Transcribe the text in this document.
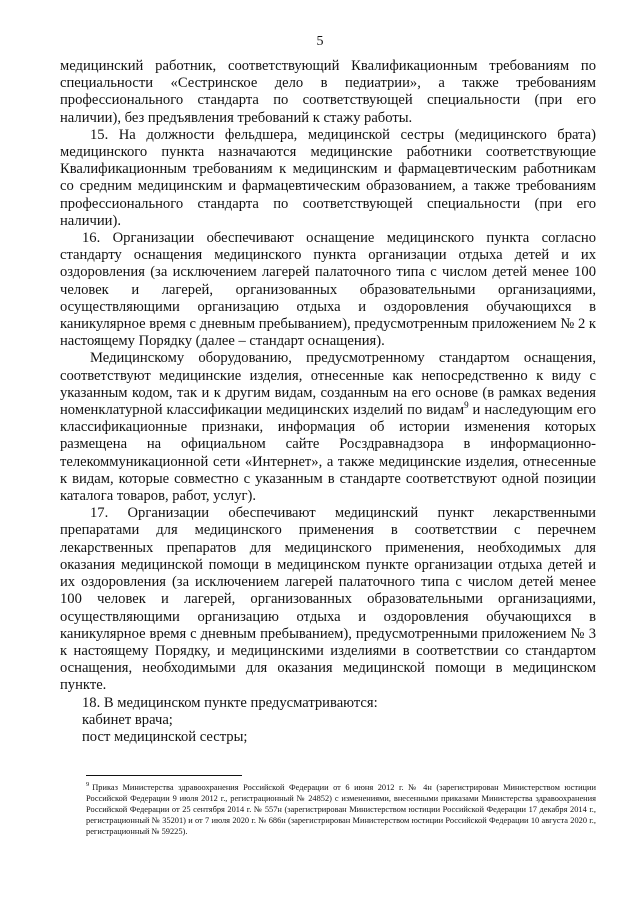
5

медицинский работник, соответствующий Квалификационным требованиям по специальности «Сестринское дело в педиатрии», а также требованиям профессионального стандарта по соответствующей специальности (при его наличии), без предъявления требований к стажу работы.

15. На должности фельдшера, медицинской сестры (медицинского брата) медицинского пункта назначаются медицинские работники соответствующие Квалификационным требованиям к медицинским и фармацевтическим работникам со средним медицинским и фармацевтическим образованием, а также требованиям профессионального стандарта по соответствующей специальности (при его наличии).

16. Организации обеспечивают оснащение медицинского пункта согласно стандарту оснащения медицинского пункта организации отдыха детей и их оздоровления (за исключением лагерей палаточного типа с числом детей менее 100 человек и лагерей, организованных образовательными организациями, осуществляющими организацию отдыха и оздоровления обучающихся в каникулярное время с дневным пребыванием), предусмотренным приложением № 2 к настоящему Порядку (далее – стандарт оснащения).

Медицинскому оборудованию, предусмотренному стандартом оснащения, соответствуют медицинские изделия, отнесенные как непосредственно к виду с указанным кодом, так и к другим видам, созданным на его основе (в рамках ведения номенклатурной классификации медицинских изделий по видам$^9$ и наследующим его классификационные признаки, информация об истории изменения которых размещена на официальном сайте Росздравнадзора в информационно-телекоммуникационной сети «Интернет», а также медицинские изделия, отнесенные к видам, которые совместно с указанным в стандарте соответствуют одной позиции каталога товаров, работ, услуг).

17. Организации обеспечивают медицинский пункт лекарственными препаратами для медицинского применения в соответствии с перечнем лекарственных препаратов для медицинского применения, необходимых для оказания медицинской помощи в медицинском пункте организации отдыха детей и их оздоровления (за исключением лагерей палаточного типа с числом детей менее 100 человек и лагерей, организованных образовательными организациями, осуществляющими организацию отдыха и оздоровления обучающихся в каникулярное время с дневным пребыванием), предусмотренными приложением № 3 к настоящему Порядку, и медицинскими изделиями в соответствии со стандартом оснащения, необходимыми для оказания медицинской помощи в медицинском пункте.

18. В медицинском пункте предусматриваются:

кабинет врача;

пост медицинской сестры;

$^9$ Приказ Министерства здравоохранения Российской Федерации от 6 июня 2012 г. № 4н (зарегистрирован Министерством юстиции Российской Федерации 9 июля 2012 г., регистрационный № 24852) с изменениями, внесенными приказами Министерства здравоохранения Российской Федерации от 25 сентября 2014 г. № 557н (зарегистрирован Министерством юстиции Российской Федерации 17 декабря 2014 г., регистрационный № 35201) и от 7 июля 2020 г. № 686н (зарегистрирован Министерством юстиции Российской Федерации 10 августа 2020 г., регистрационный № 59225).
